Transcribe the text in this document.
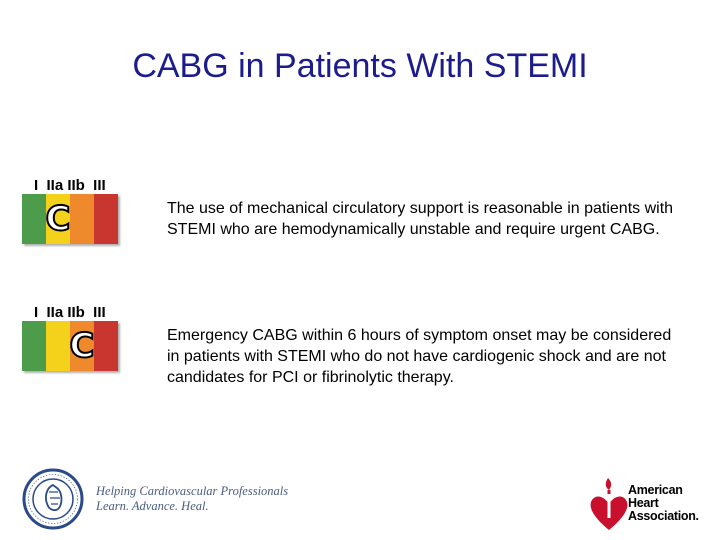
CABG in Patients With STEMI
I  IIa IIb  III
C	The use of mechanical circulatory support is reasonable in patients with STEMI who are hemodynamically unstable and require urgent CABG.

I  IIa IIb  III
C	Emergency CABG within 6 hours of symptom onset may be considered in patients with STEMI who do not have cardiogenic shock and are not candidates for PCI or fibrinolytic therapy.

Helping Cardiovascular Professionals
Learn. Advance. Heal.
American
Heart
Association.
